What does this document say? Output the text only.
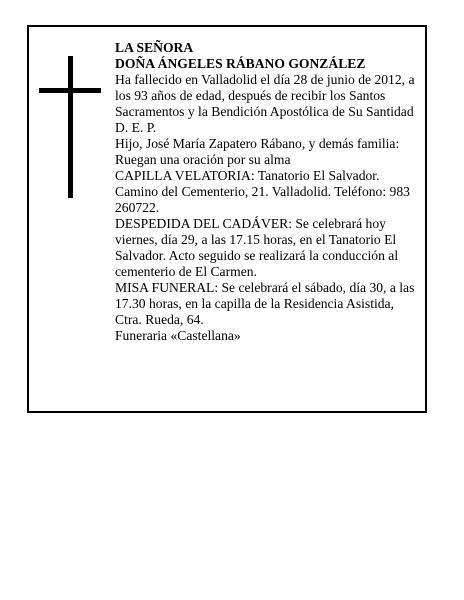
LA SEÑORA

DOÑA ÁNGELES RÁBANO GONZÁLEZ

Ha fallecido en Valladolid el día 28 de junio de 2012, a los 93 años de edad, después de recibir los Santos Sacramentos y la Bendición Apostólica de Su Santidad D. E. P.

Hijo, José María Zapatero Rábano, y demás familia:

Ruegan una oración por su alma

CAPILLA VELATORIA: Tanatorio El Salvador. Camino del Cementerio, 21. Valladolid. Teléfono: 983 260722.

DESPEDIDA DEL CADÁVER: Se celebrará hoy viernes, día 29, a las 17.15 horas, en el Tanatorio El Salvador. Acto seguido se realizará la conducción al cementerio de El Carmen.

MISA FUNERAL: Se celebrará el sábado, día 30, a las 17.30 horas, en la capilla de la Residencia Asistida, Ctra. Rueda, 64.

Funeraria «Castellana»
